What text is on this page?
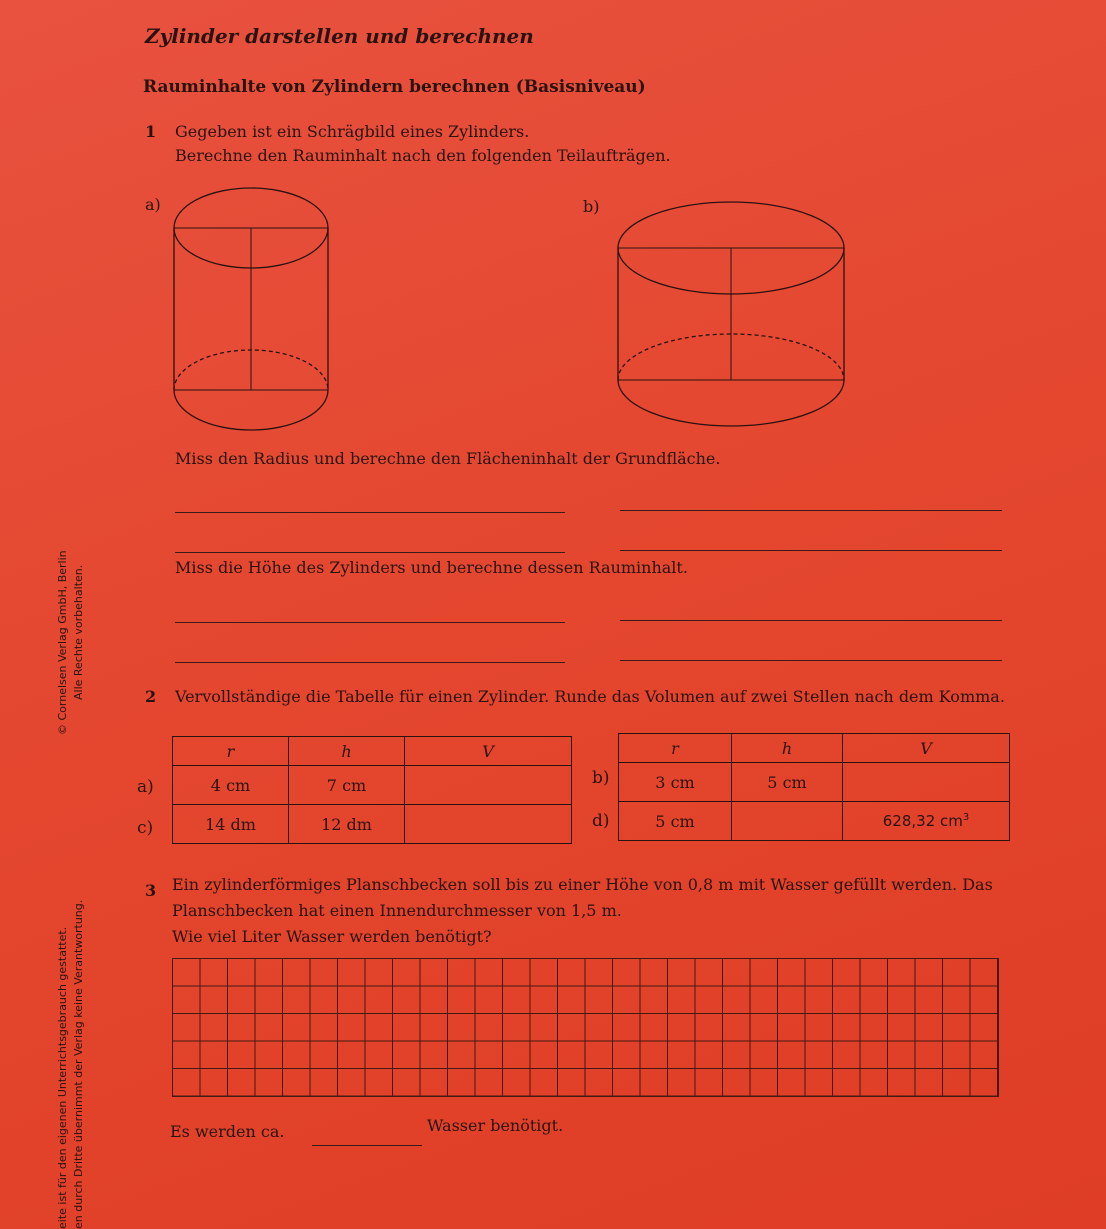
Zylinder darstellen und berechnen
Rauminhalte von Zylindern berechnen (Basisniveau)
1 Gegeben ist ein Schrägbild eines Zylinders.
Berechne den Rauminhalt nach den folgenden Teilaufträgen.
a)	b)
Miss den Radius und berechne den Flächeninhalt der Grundfläche.
Miss die Höhe des Zylinders und berechne dessen Rauminhalt.
2 Vervollständige die Tabelle für einen Zylinder. Runde das Volumen auf zwei Stellen nach dem Komma.
a)
c)
r	h	V
4 cm	7 cm	
14 dm	12 dm	
b)
d)
r	h	V
3 cm	5 cm	
5 cm		628,32 $cm^3$
3 Ein zylinderförmiges Planschbecken soll bis zu einer Höhe von 0,8 m mit Wasser gefüllt werden. Das
Planschbecken hat einen Innendurchmesser von 1,5 m.
Wie viel Liter Wasser werden benötigt?
Es werden ca.	Wasser benötigt.
© Cornelsen Verlag GmbH, Berlin Alle Rechte vorbehalten.
eite ist für den eigenen Unterrichtsgebrauch gestattet. en durch Dritte übernimmt der Verlag keine Verantwortung.
